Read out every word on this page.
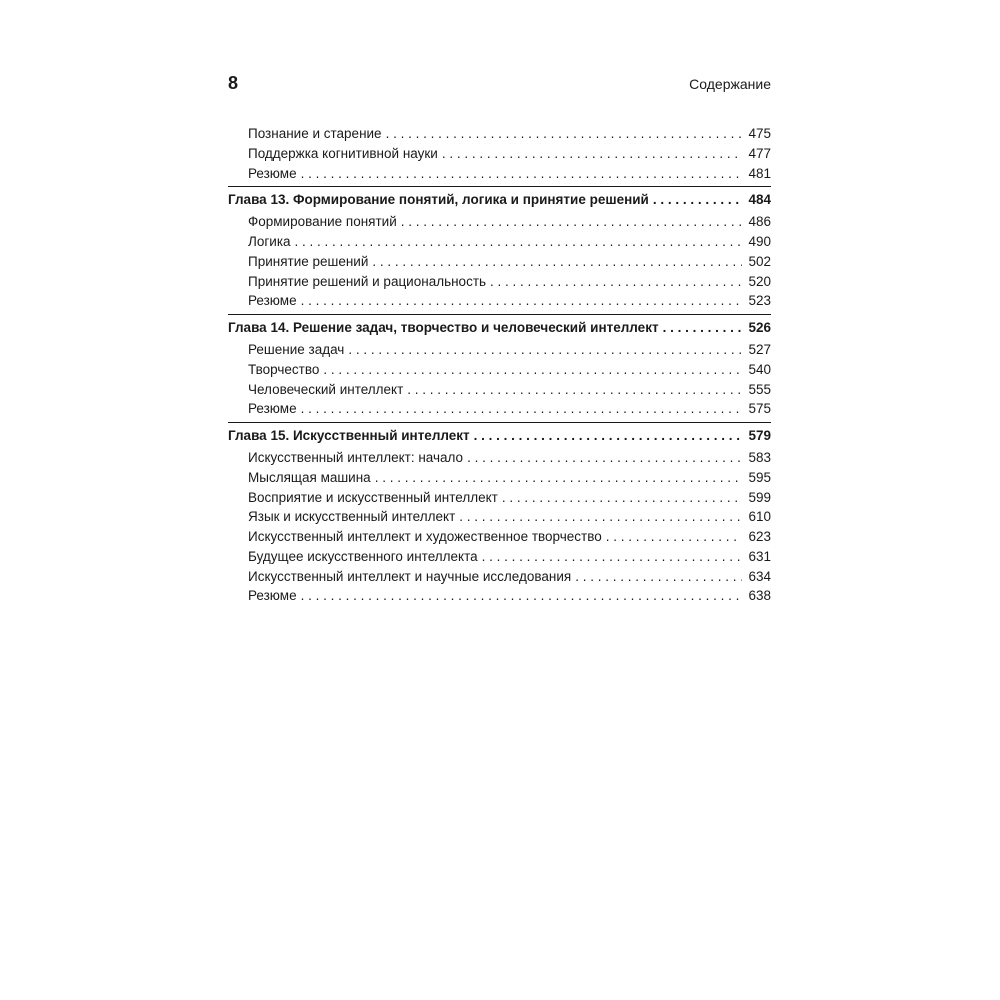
8	Содержание
Познание и старение . . .	475
Поддержка когнитивной науки . . .	477
Резюме . . .	481
Глава 13. Формирование понятий, логика и принятие решений . . .	484
Формирование понятий . . .	486
Логика . . .	490
Принятие решений . . .	502
Принятие решений и рациональность . . .	520
Резюме . . .	523
Глава 14. Решение задач, творчество и человеческий интеллект . . .	526
Решение задач . . .	527
Творчество . . .	540
Человеческий интеллект . . .	555
Резюме . . .	575
Глава 15. Искусственный интеллект . . .	579
Искусственный интеллект: начало . . .	583
Мыслящая машина . . .	595
Восприятие и искусственный интеллект . . .	599
Язык и искусственный интеллект . . .	610
Искусственный интеллект и художественное творчество . . .	623
Будущее искусственного интеллекта . . .	631
Искусственный интеллект и научные исследования . . .	634
Резюме . . .	638
